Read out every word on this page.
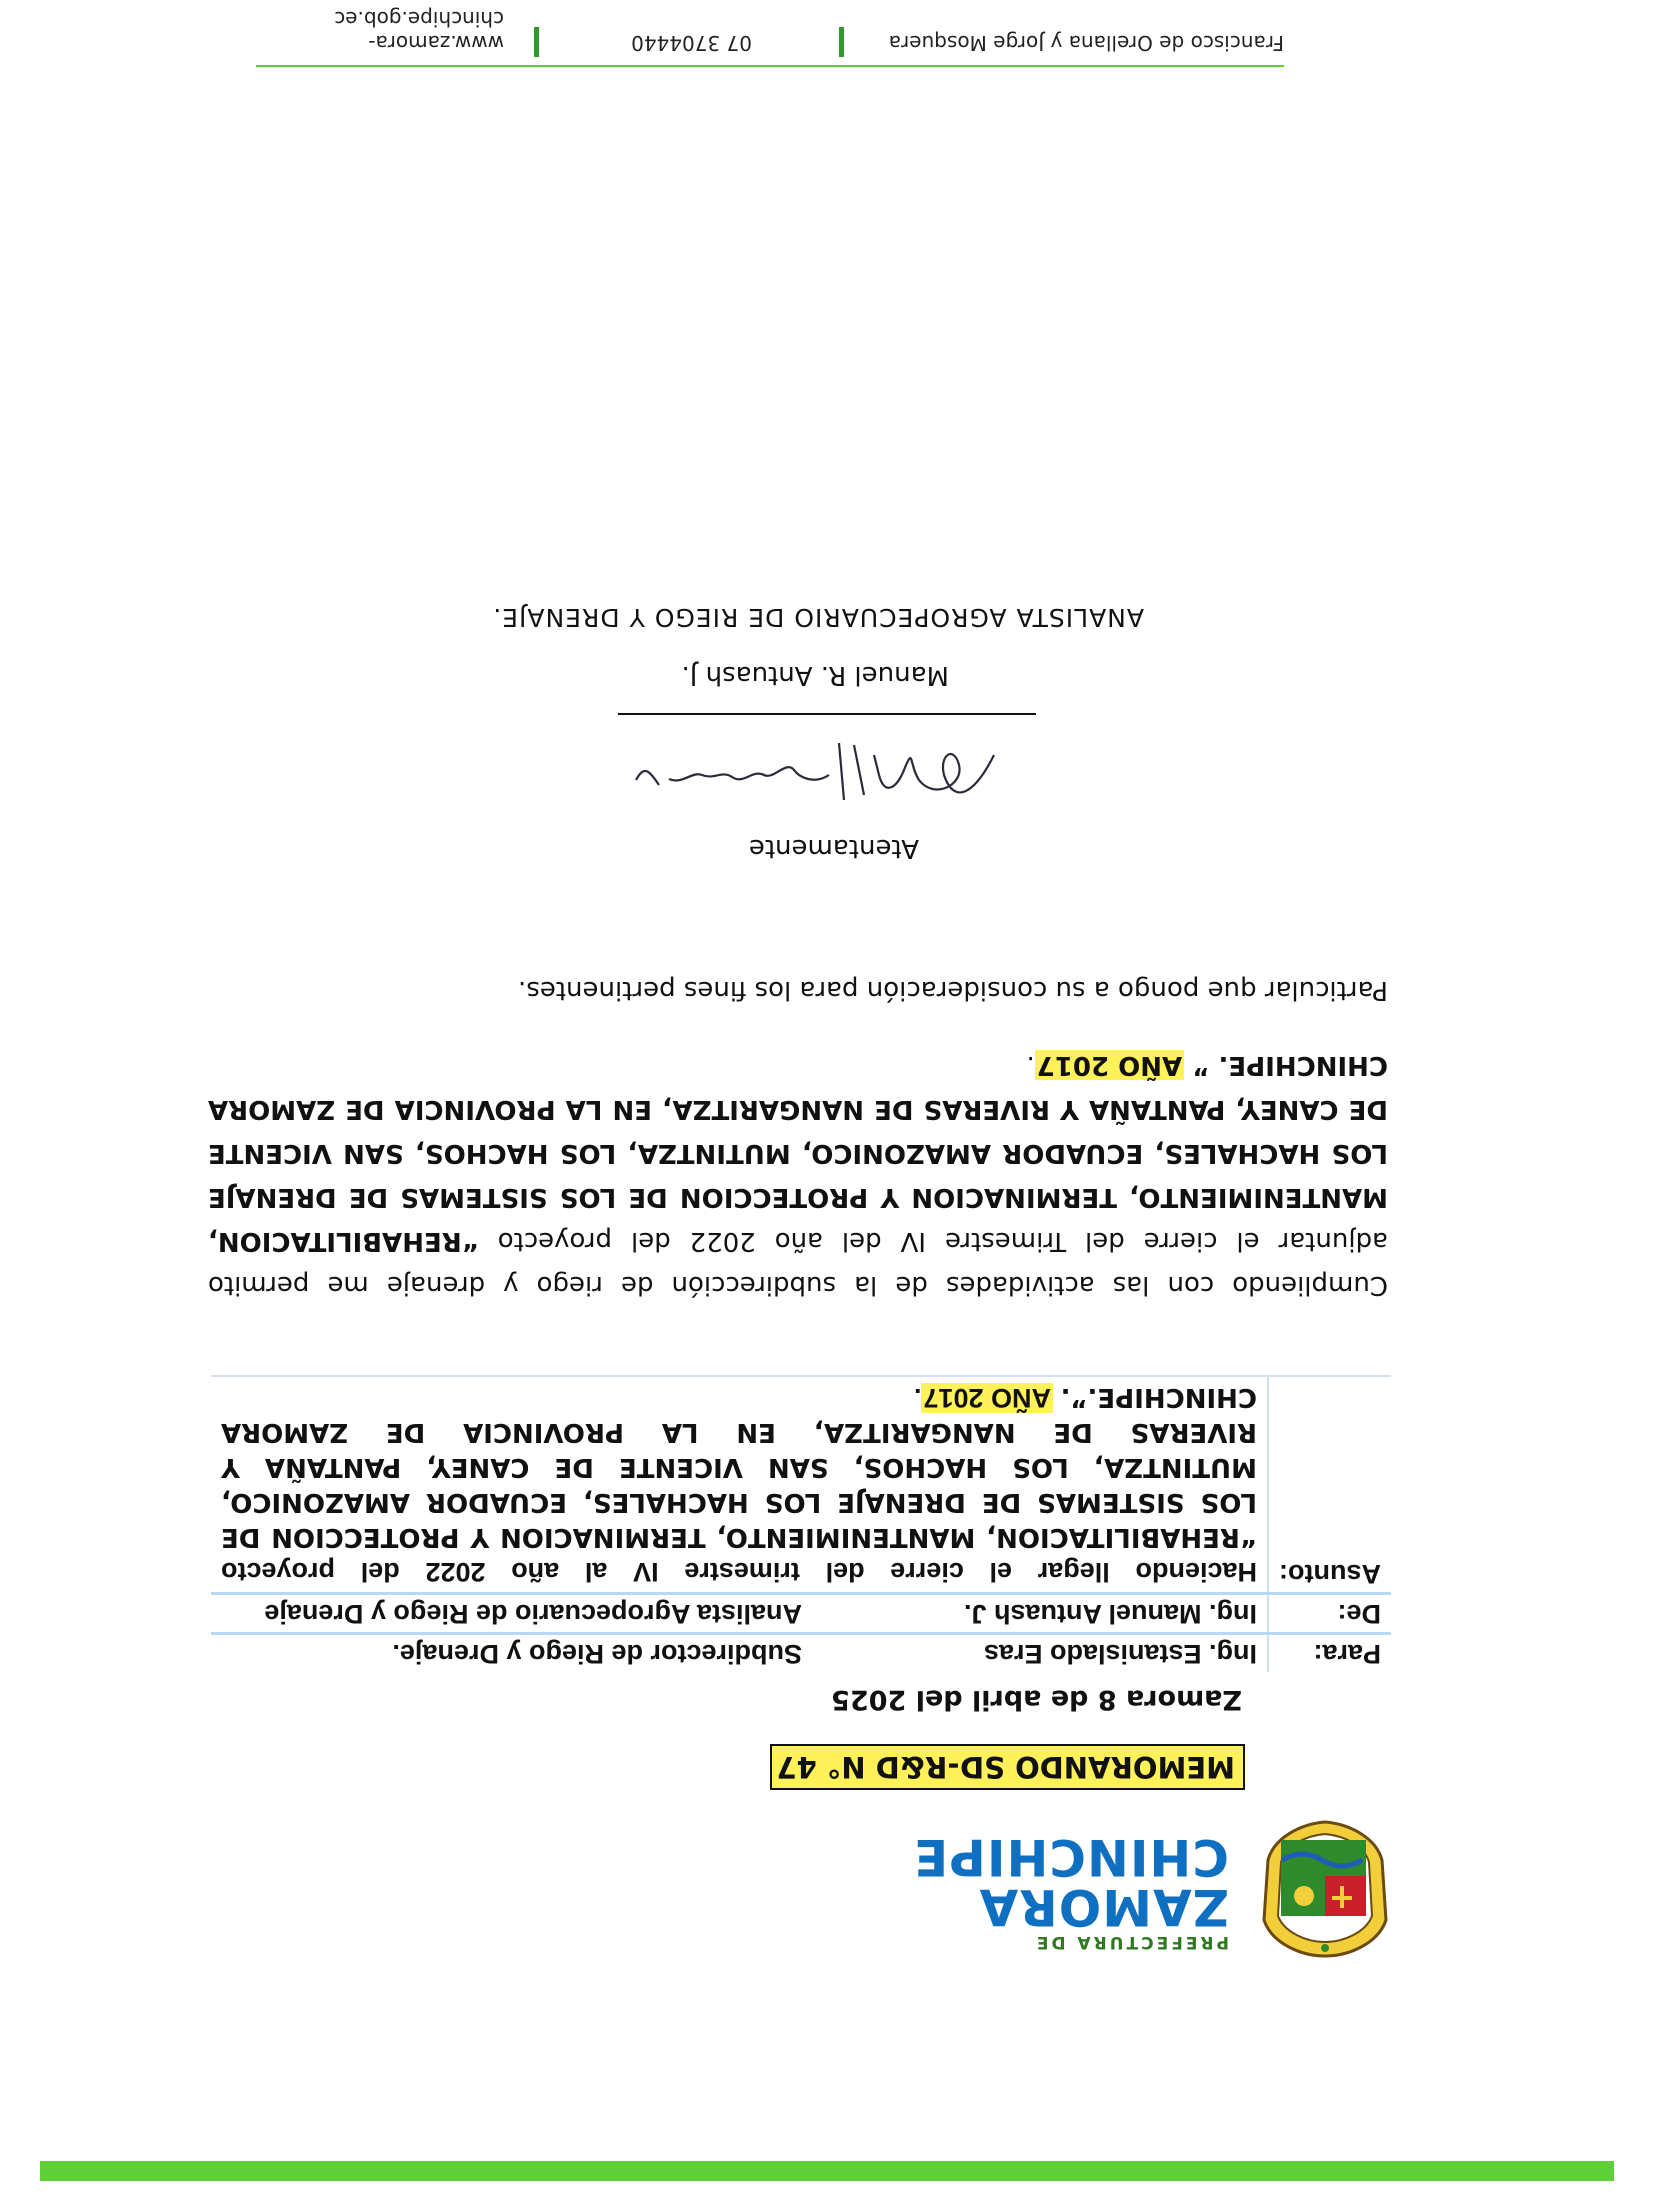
PREFECTURA DE
ZAMORA
CHINCHIPE
MEMORANDO SD-R&D N° 47
Zamora 8 de abril del 2025
Para:	Ing. Estanislado Eras	Subdirector de Riego y Drenaje.
De:	Ing. Manuel Antuash J.	Analista Agropecuario de Riego y Drenaje
Asunto:	Haciendo llegar el cierre del trimestre IV al año 2022 del proyecto “REHABILITACION, MANTENIMIENTO, TERMINACION Y PROTECCION DE LOS SISTEMAS DE DRENAJE LOS HACHALES, ECUADOR AMAZONICO, MUTINTZA, LOS HACHOS, SAN VICENTE DE CANEY, PANTAÑA Y RIVERAS DE NANGARITZA, EN LA PROVINCIA DE ZAMORA CHINCHIPE.”. AÑO 2017.	
Cumpliendo con las actividades de la subdirección de riego y drenaje me permito adjuntar el cierre del Trimestre IV del año 2022 del proyecto “REHABILITACION, MANTENIMIENTO, TERMINACION Y PROTECCION DE LOS SISTEMAS DE DRENAJE LOS HACHALES, ECUADOR AMAZONICO, MUTINTZA, LOS HACHOS, SAN VICENTE DE CANEY, PANTAÑA Y RIVERAS DE NANGARITZA, EN LA PROVINCIA DE ZAMORA CHINCHIPE. ” AÑO 2017.
Particular que pongo a su consideración para los fines pertinentes.
Atentamente
Manuel R. Antuash J.
ANALISTA AGROPECUARIO DE RIEGO Y DRENAJE.
Francisco de Orellana y Jorge Mosquera
07 3704440
www.zamora-chinchipe.gob.ec
